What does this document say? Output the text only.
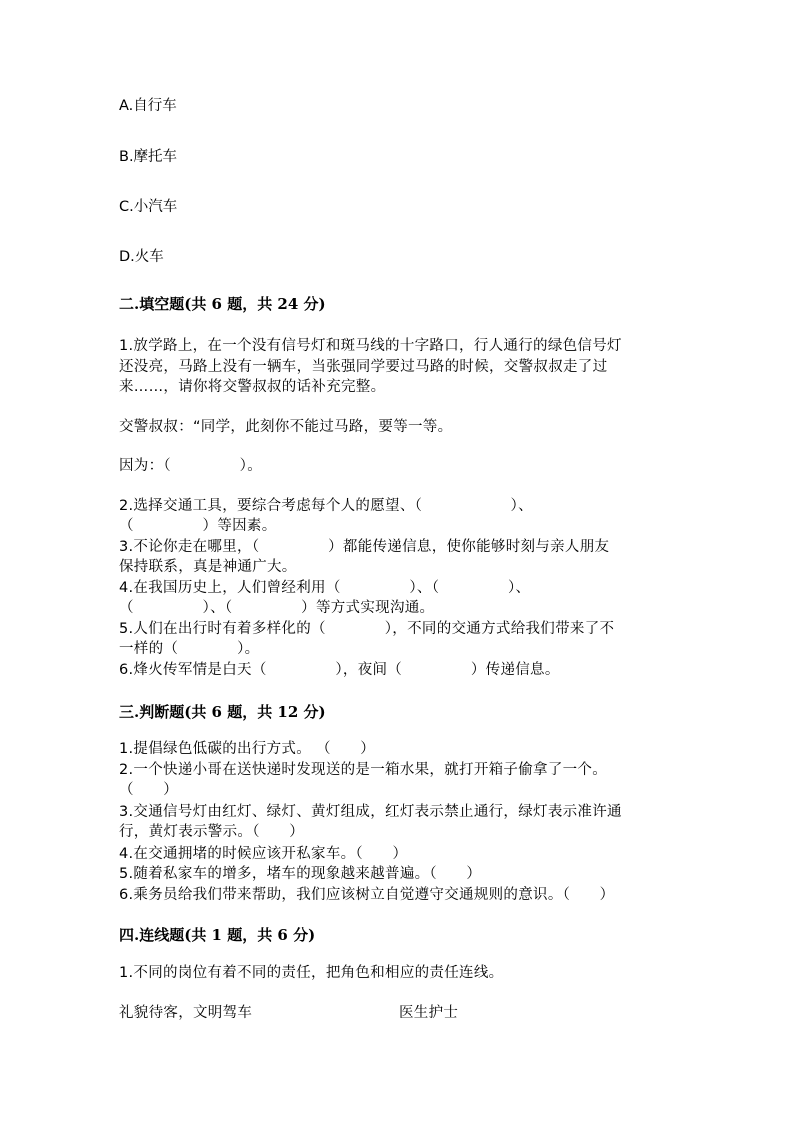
A.自行车
B.摩托车
C.小汽车
D.火车
二.填空题(共 6 题，共 24 分)
1.放学路上，在一个没有信号灯和斑马线的十字路口，行人通行的绿色信号灯
还没亮，马路上没有一辆车，当张强同学要过马路的时候，交警叔叔走了过
来……，请你将交警叔叔的话补充完整。
交警叔叔：“同学，此刻你不能过马路，要等一等。
因为：（              ）。
2.选择交通工具，要综合考虑每个人的愿望、（                  ）、
（              ）等因素。
3.不论你走在哪里，（              ）都能传递信息，使你能够时刻与亲人朋友
保持联系，真是神通广大。
4.在我国历史上，人们曾经利用（              ）、（              ）、
（              ）、（              ）等方式实现沟通。
5.人们在出行时有着多样化的（            ），不同的交通方式给我们带来了不
一样的（            ）。
6.烽火传军情是白天（              ），夜间（              ）传递信息。
三.判断题(共 6 题，共 12 分)
1.提倡绿色低碳的出行方式。 （      ）
2.一个快递小哥在送快递时发现送的是一箱水果，就打开箱子偷拿了一个。
（      ）
3.交通信号灯由红灯、绿灯、黄灯组成，红灯表示禁止通行，绿灯表示准许通
行，黄灯表示警示。（      ）
4.在交通拥堵的时候应该开私家车。（      ）
5.随着私家车的增多，堵车的现象越来越普遍。（      ）
6.乘务员给我们带来帮助，我们应该树立自觉遵守交通规则的意识。（      ）
四.连线题(共 1 题，共 6 分)
1.不同的岗位有着不同的责任，把角色和相应的责任连线。
礼貌待客，文明驾车	医生护士
